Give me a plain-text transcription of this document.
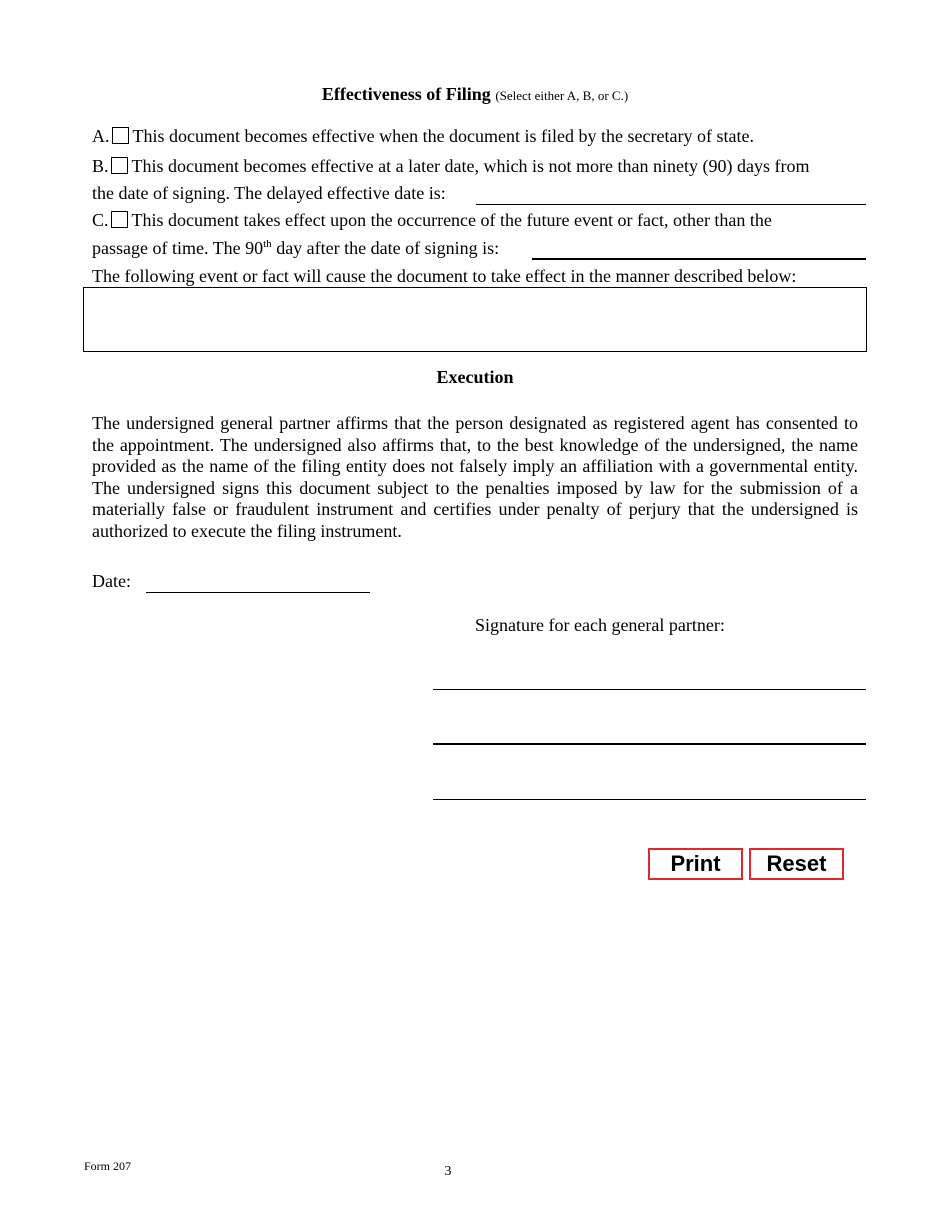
Effectiveness of Filing (Select either A, B, or C.)
A. This document becomes effective when the document is filed by the secretary of state.
B. This document becomes effective at a later date, which is not more than ninety (90) days from
the date of signing. The delayed effective date is:
C. This document takes effect upon the occurrence of the future event or fact, other than the
passage of time. The 90th day after the date of signing is:
The following event or fact will cause the document to take effect in the manner described below:
Execution
The undersigned general partner affirms that the person designated as registered agent has consented to the appointment. The undersigned also affirms that, to the best knowledge of the undersigned, the name provided as the name of the filing entity does not falsely imply an affiliation with a governmental entity. The undersigned signs this document subject to the penalties imposed by law for the submission of a materially false or fraudulent instrument and certifies under penalty of perjury that the undersigned is authorized to execute the filing instrument.
Date:
Signature for each general partner:
Print	Reset
Form 207	3
